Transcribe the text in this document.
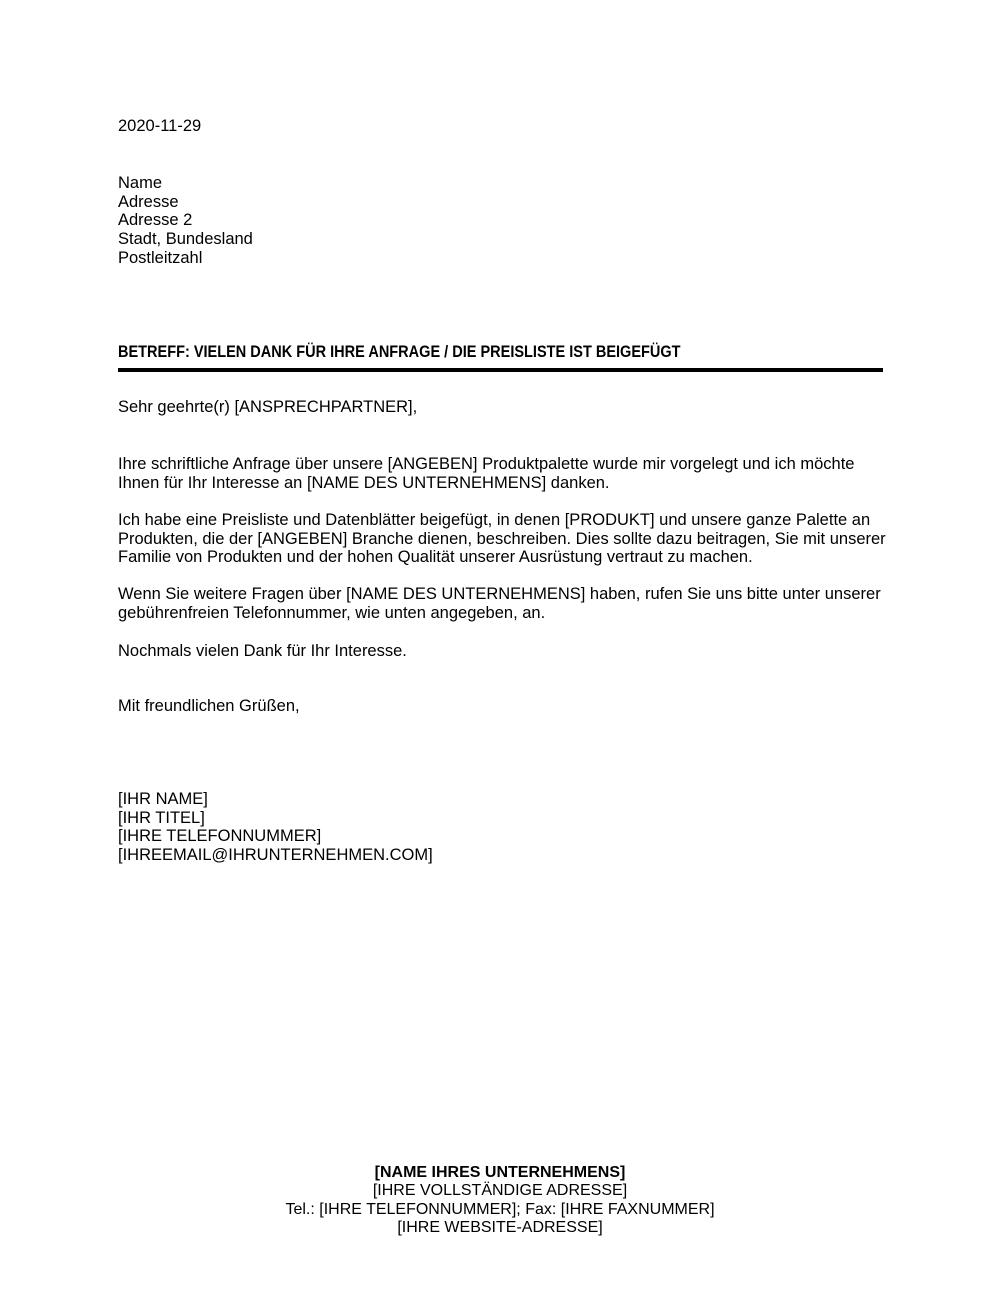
2020-11-29
Name
Adresse
Adresse 2
Stadt, Bundesland
Postleitzahl
BETREFF: VIELEN DANK FÜR IHRE ANFRAGE / DIE PREISLISTE IST BEIGEFÜGT
Sehr geehrte(r) [ANSPRECHPARTNER],
Ihre schriftliche Anfrage über unsere [ANGEBEN] Produktpalette wurde mir vorgelegt und ich möchte
Ihnen für Ihr Interesse an [NAME DES UNTERNEHMENS] danken.
Ich habe eine Preisliste und Datenblätter beigefügt, in denen [PRODUKT] und unsere ganze Palette an
Produkten, die der [ANGEBEN] Branche dienen, beschreiben. Dies sollte dazu beitragen, Sie mit unserer
Familie von Produkten und der hohen Qualität unserer Ausrüstung vertraut zu machen.
Wenn Sie weitere Fragen über [NAME DES UNTERNEHMENS] haben, rufen Sie uns bitte unter unserer
gebührenfreien Telefonnummer, wie unten angegeben, an.
Nochmals vielen Dank für Ihr Interesse.
Mit freundlichen Grüßen,
[IHR NAME]
[IHR TITEL]
[IHRE TELEFONNUMMER]
[IHREEMAIL@IHRUNTERNEHMEN.COM]
[NAME IHRES UNTERNEHMENS]
[IHRE VOLLSTÄNDIGE ADRESSE]
Tel.: [IHRE TELEFONNUMMER]; Fax: [IHRE FAXNUMMER]
[IHRE WEBSITE-ADRESSE]
